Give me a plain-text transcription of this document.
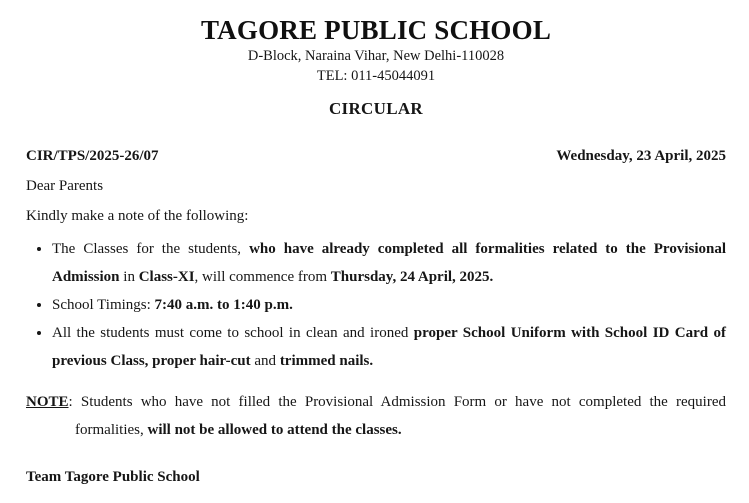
TAGORE PUBLIC SCHOOL
D-Block, Naraina Vihar, New Delhi-110028
TEL: 011-45044091
CIRCULAR
CIR/TPS/2025-26/07	Wednesday, 23 April, 2025

Dear Parents

Kindly make a note of the following:

• The Classes for the students, who have already completed all formalities related to the Provisional Admission in Class-XI, will commence from Thursday, 24 April, 2025.
• School Timings: 7:40 a.m. to 1:40 p.m.
• All the students must come to school in clean and ironed proper School Uniform with School ID Card of previous Class, proper hair-cut and trimmed nails.

NOTE: Students who have not filled the Provisional Admission Form or have not completed the required formalities, will not be allowed to attend the classes.

Team Tagore Public School
